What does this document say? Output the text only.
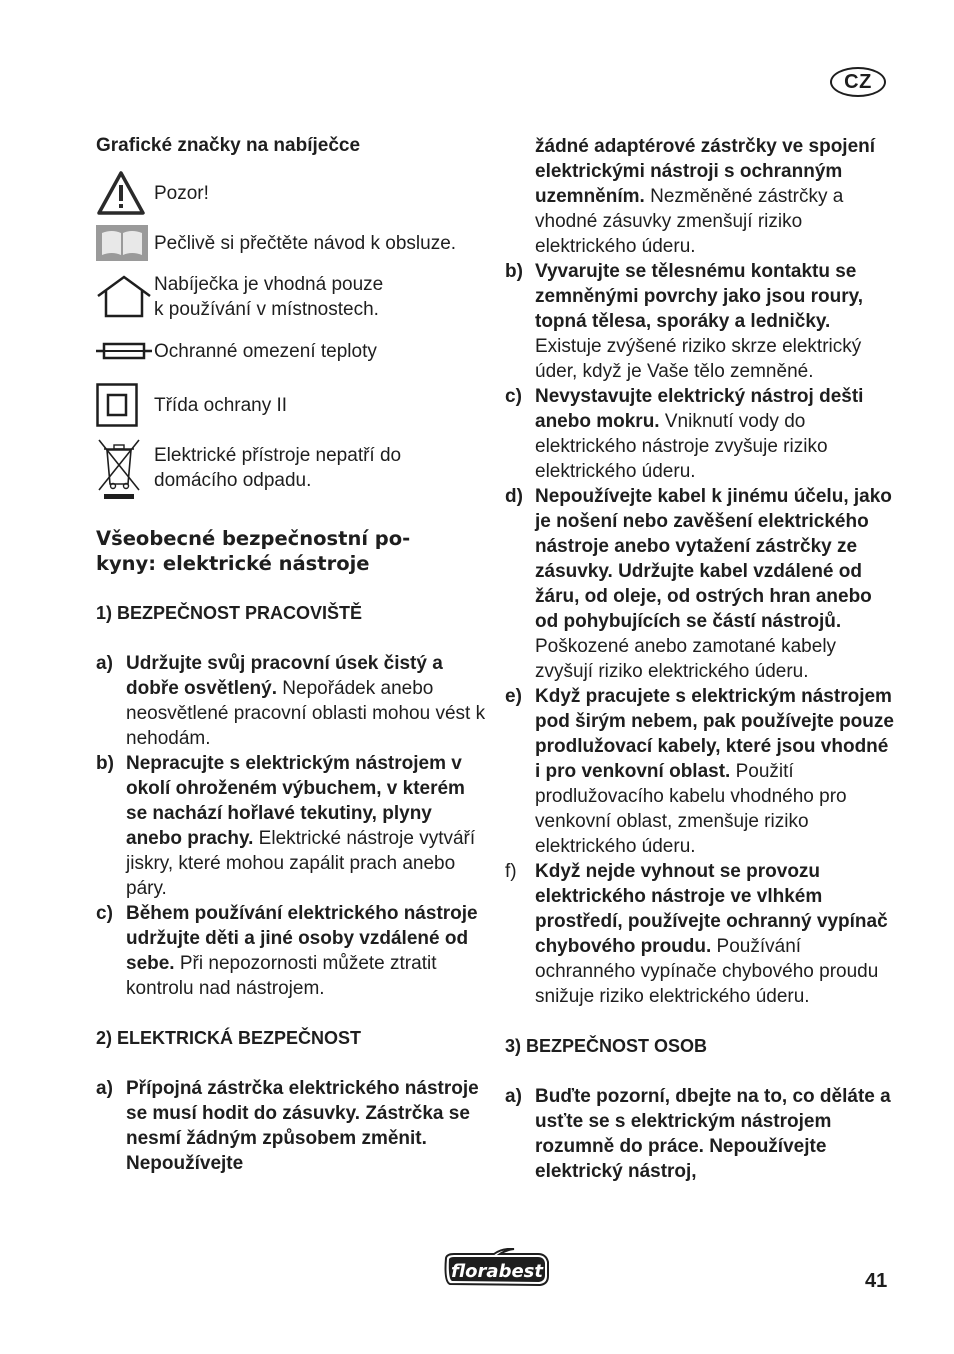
CZ
Grafické značky na nabíječce
Pozor!
Pečlivě si přečtěte návod k obsluze.
Nabíječka je vhodná pouze
k používání v místnostech.
Ochranné omezení teploty
Třída ochrany II
Elektrické přístroje nepatří do
domácího odpadu.
Všeobecné bezpečnostní po-
kyny: elektrické nástroje
1) BEZPEČNOST PRACOVIŠTĚ
a) Udržujte svůj pracovní úsek čistý a dobře osvětlený. Nepořádek anebo neosvětlené pracovní oblasti mohou vést k nehodám.
b) Nepracujte s elektrickým nástrojem v okolí ohroženém výbuchem, v kterém se nachází hořlavé tekutiny, plyny anebo prachy. Elektrické nástroje vytváří jiskry, které mohou zapálit prach anebo páry.
c) Během používání elektrického nástroje udržujte děti a jiné osoby vzdálené od sebe. Při nepozornosti můžete ztratit kontrolu nad nástrojem.
2) ELEKTRICKÁ BEZPEČNOST
a) Přípojná zástrčka elektrického nástroje se musí hodit do zásuvky. Zástrčka se nesmí žádným způsobem změnit. Nepoužívejte
žádné adaptérové zástrčky ve spojení elektrickými nástroji s ochranným uzemněním. Nezměněné zástrčky a vhodné zásuvky zmenšují riziko elektrického úderu.
b) Vyvarujte se tělesnému kontaktu se zemněnými povrchy jako jsou roury, topná tělesa, sporáky a ledničky. Existuje zvýšené riziko skrze elektrický úder, když je Vaše tělo zemněné.
c) Nevystavujte elektrický nástroj dešti anebo mokru. Vniknutí vody do elektrického nástroje zvyšuje riziko elektrického úderu.
d) Nepoužívejte kabel k jinému účelu, jako je nošení nebo zavěšení elektrického nástroje anebo vytažení zástrčky ze zásuvky. Udržujte kabel vzdálené od žáru, od oleje, od ostrých hran anebo od pohybujících se částí nástrojů. Poškozené anebo zamotané kabely zvyšují riziko elektrického úderu.
e) Když pracujete s elektrickým nástrojem pod širým nebem, pak používejte pouze prodlužovací kabely, které jsou vhodné i pro venkovní oblast. Použití prodlužovacího kabelu vhodného pro venkovní oblast, zmenšuje riziko elektrického úderu.
f) Když nejde vyhnout se provozu elektrického nástroje ve vlhkém prostředí, používejte ochranný vypínač chybového proudu. Používání ochranného vypínače chybového proudu snižuje riziko elektrického úderu.
3) BEZPEČNOST OSOB
a) Buďte pozorní, dbejte na to, co děláte a usťte se s elektrickým nástrojem rozumně do práce. Nepoužívejte elektrický nástroj,
florabest	41
